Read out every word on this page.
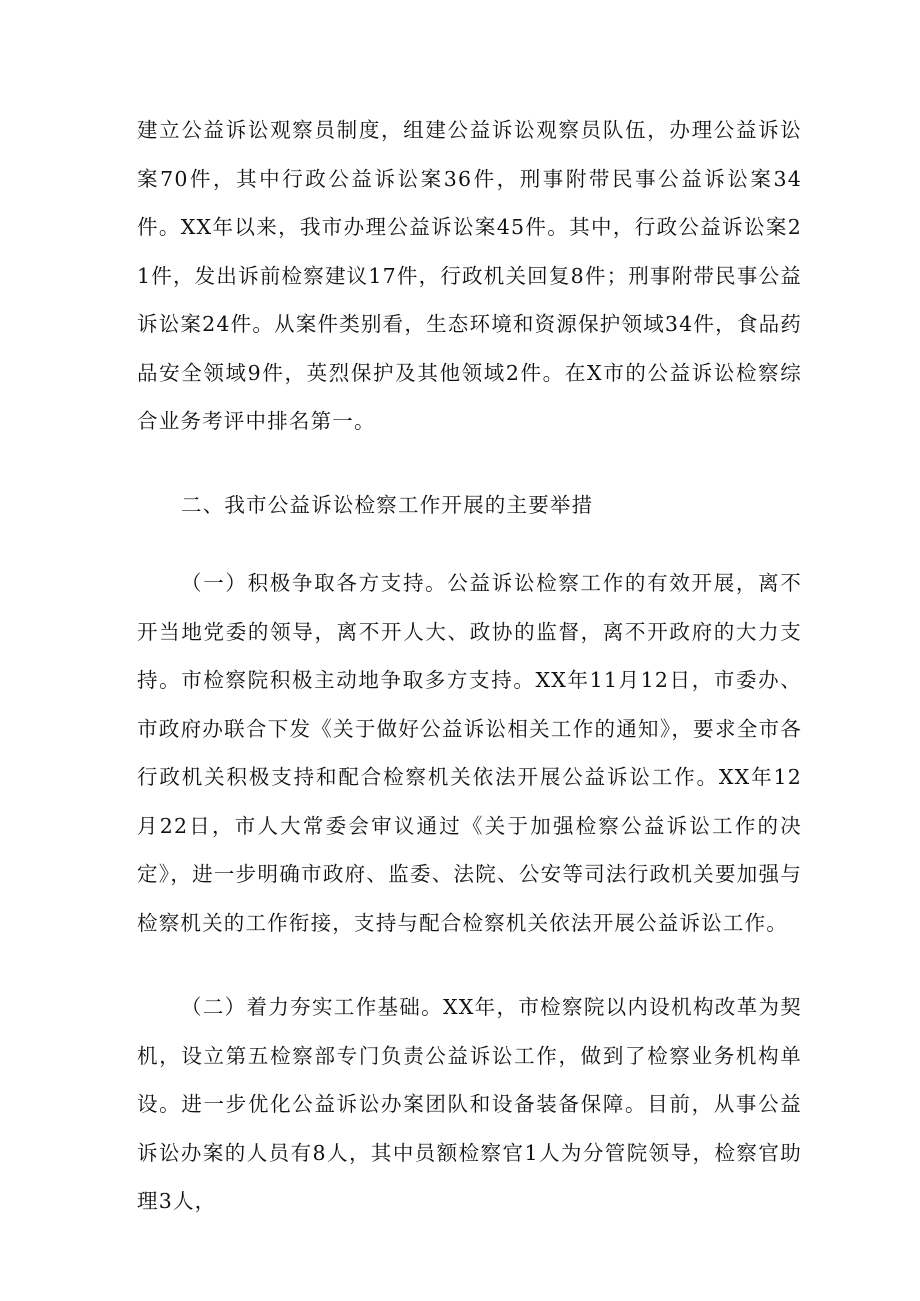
建立公益诉讼观察员制度，组建公益诉讼观察员队伍，办理公益诉讼案70件，其中行政公益诉讼案36件，刑事附带民事公益诉讼案34件。XX年以来，我市办理公益诉讼案45件。其中，行政公益诉讼案21件，发出诉前检察建议17件，行政机关回复8件；刑事附带民事公益诉讼案24件。从案件类别看，生态环境和资源保护领域34件，食品药品安全领域9件，英烈保护及其他领域2件。在X市的公益诉讼检察综合业务考评中排名第一。

二、我市公益诉讼检察工作开展的主要举措

（一）积极争取各方支持。公益诉讼检察工作的有效开展，离不开当地党委的领导，离不开人大、政协的监督，离不开政府的大力支持。市检察院积极主动地争取多方支持。XX年11月12日，市委办、市政府办联合下发《关于做好公益诉讼相关工作的通知》，要求全市各行政机关积极支持和配合检察机关依法开展公益诉讼工作。XX年12月22日，市人大常委会审议通过《关于加强检察公益诉讼工作的决定》，进一步明确市政府、监委、法院、公安等司法行政机关要加强与检察机关的工作衔接，支持与配合检察机关依法开展公益诉讼工作。

（二）着力夯实工作基础。XX年，市检察院以内设机构改革为契机，设立第五检察部专门负责公益诉讼工作，做到了检察业务机构单设。进一步优化公益诉讼办案团队和设备装备保障。目前，从事公益诉讼办案的人员有8人，其中员额检察官1人为分管院领导，检察官助理3人，
